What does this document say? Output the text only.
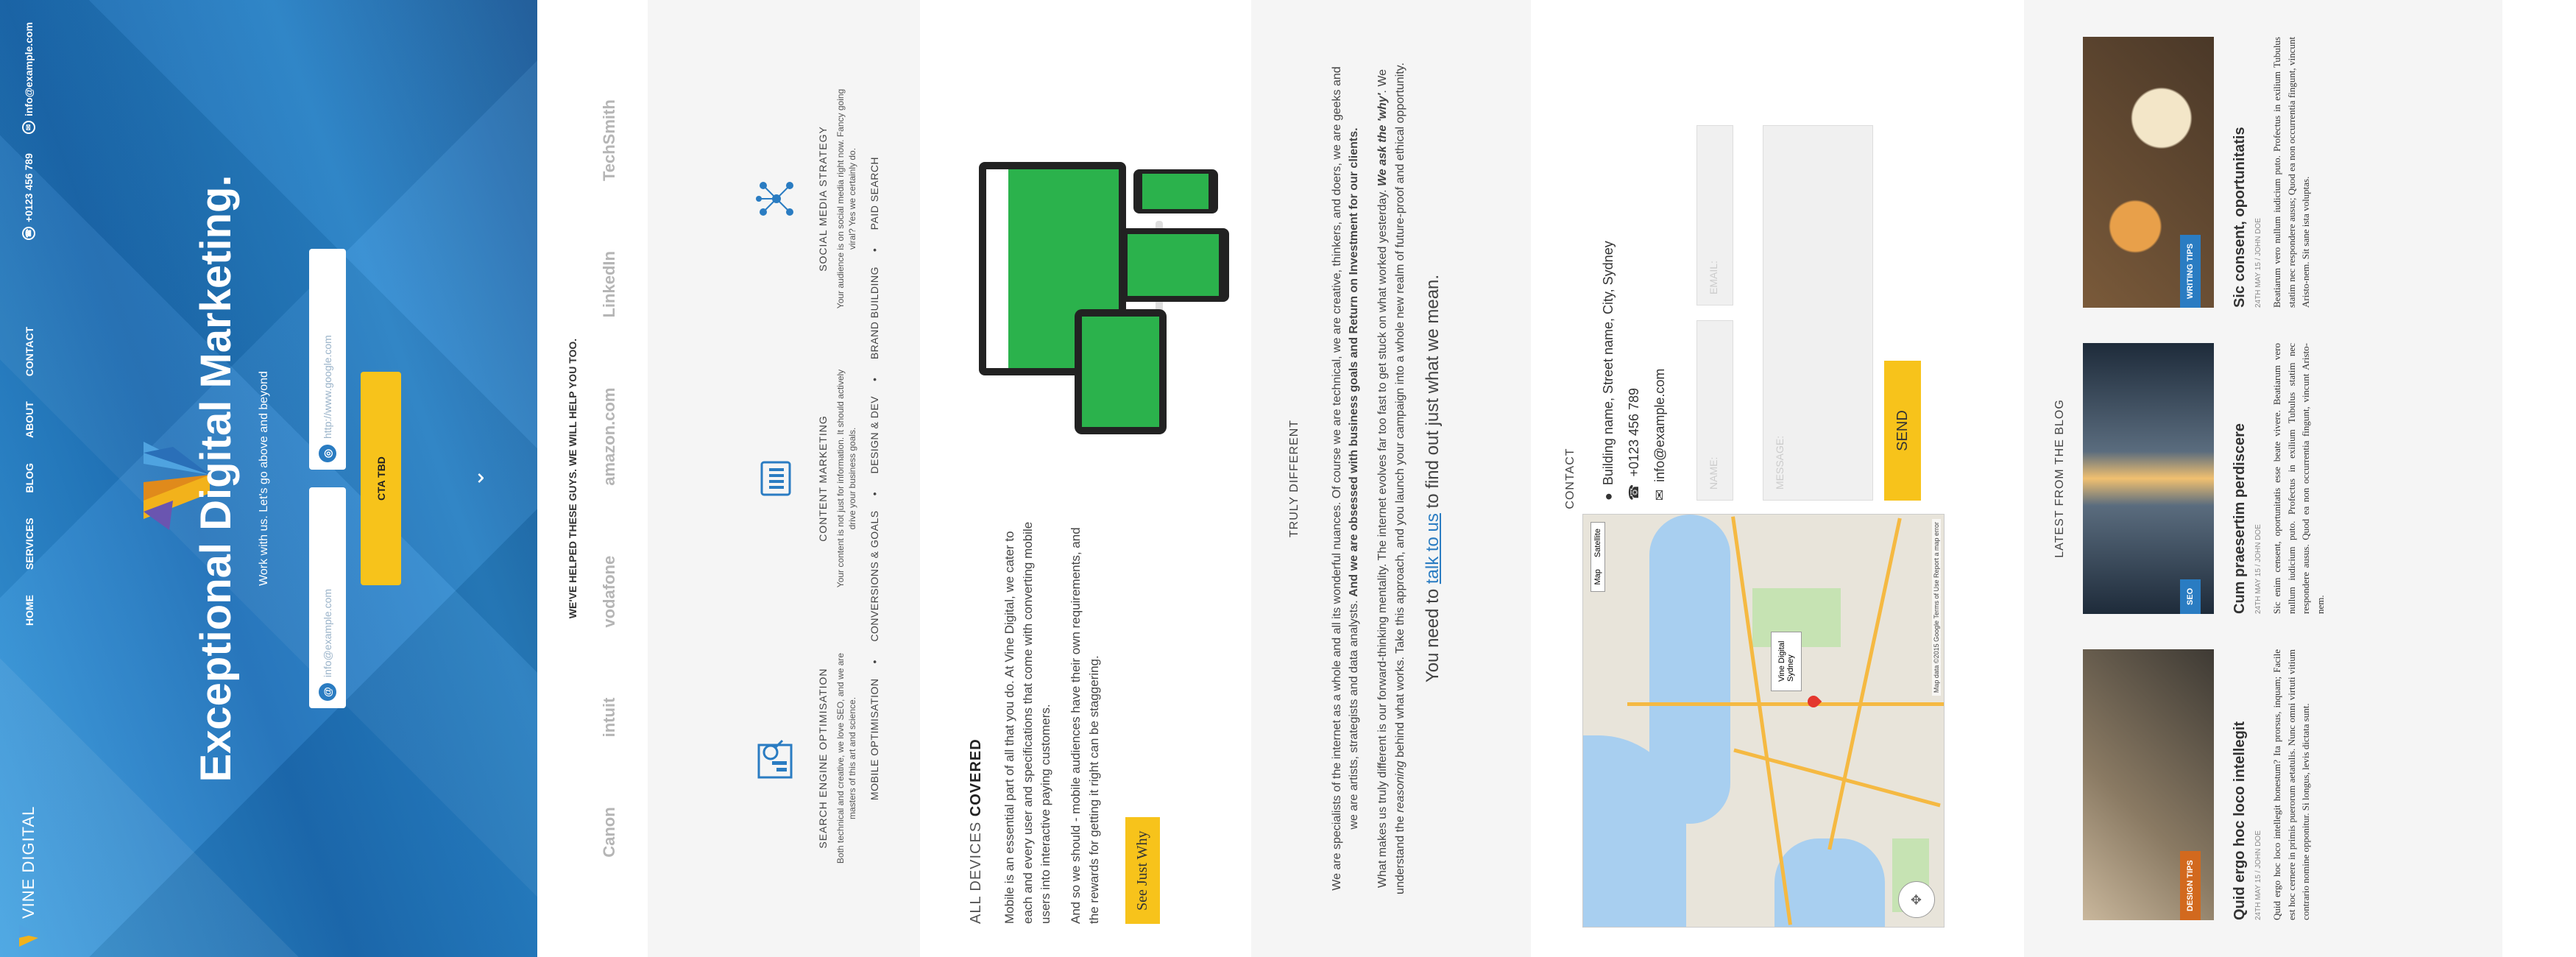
VINE DIGITAL
HOME
SERVICES
BLOG
ABOUT
CONTACT
☎
+0123 456 789
✉
info@example.com
Exceptional Digital Marketing. Work with us. Let's go above and beyond
@
info@example.com
◎
http://www.google.com
CTA TBD	⌄	WE'VE HELPED THESE GUYS. WE WILL HELP YOU TOO.
Canon
intuit
vodafone
amazon.com
LinkedIn
TechSmith
SEARCH ENGINE OPTIMISATION Both technical and creative, we love SEO, and we are masters of this art and science.
CONTENT MARKETING Your content is not just for information. It should actively drive your business goals.
SOCIAL MEDIA STRATEGY Your audience is on social media right now. Fancy going viral? Yes we certainly do.
MOBILE OPTIMISATION• CONVERSIONS & GOALS• DESIGN & DEV• BRAND BUILDING• PAID SEARCH
ALL DEVICES COVERED Mobile is an essential part of all that you do. At Vine Digital, we cater to each and every user and specifications that come with converting mobile users into interactive paying customers. And so we should - mobile audiences have their own requirements, and the rewards for getting it right can be staggering. See Just Why
TRULY DIFFERENT	We are specialists of the internet as a whole and all its wonderful nuances. Of course we are technical, we are creative, thinkers, and doers, we are geeks and we are artists, strategists and data analysts. And we are obsessed with business goals and Return on Investment for our clients. What makes us truly different is our forward-thinking mentality. The internet evolves far too fast to get stuck on what worked yesterday. We ask the 'why'. We understand the reasoning behind what works. Take this approach, and you launch your campaign into a whole new realm of future-proof and ethical opportunity. You need to talk to us to find out just what we mean.	CONTACT
Map
Satellite
Vine Digital Sydney
✥
Map data ©2015 Google Terms of Use Report a map error
●
Building name, Street name, City, Sydney
☎
+0123 456 789
✉
info@example.com	NAME:
EMAIL:
MESSAGE:
SEND	LATEST FROM THE BLOG
DESIGN TIPS	Quid ergo hoc loco intellegit 24TH MAY 15 / JOHN DOE Quid ergo hoc loco intellegit honestum? Ita prorsus, inquam; Facile est hoc cernere in primis puerorum aetatulis. Nunc omni virtuti vitium contrario nomine opponitur. Si longus, levis dictata sunt.
SEO	Cum praesertim perdiscere 24TH MAY 15 / JOHN DOE Sic enim censent, oportunitatis esse beate vivere. Beatiarum vero nullum iudicium puto. Profectus in exilium Tubulus statim nec respondere ausus. Quod ea non occurrentia fingunt, vincunt Aristo-nem.
WRITING TIPS	Sic consent, oportunitatis 24TH MAY 15 / JOHN DOE Beatiarum vero nullum iudicium puto. Profectus in exilium Tubulus statim nec respondere ausus; Quod ea non occurrentia fingunt, vincunt Aristo-nem. Sit sane ista voluptas.
